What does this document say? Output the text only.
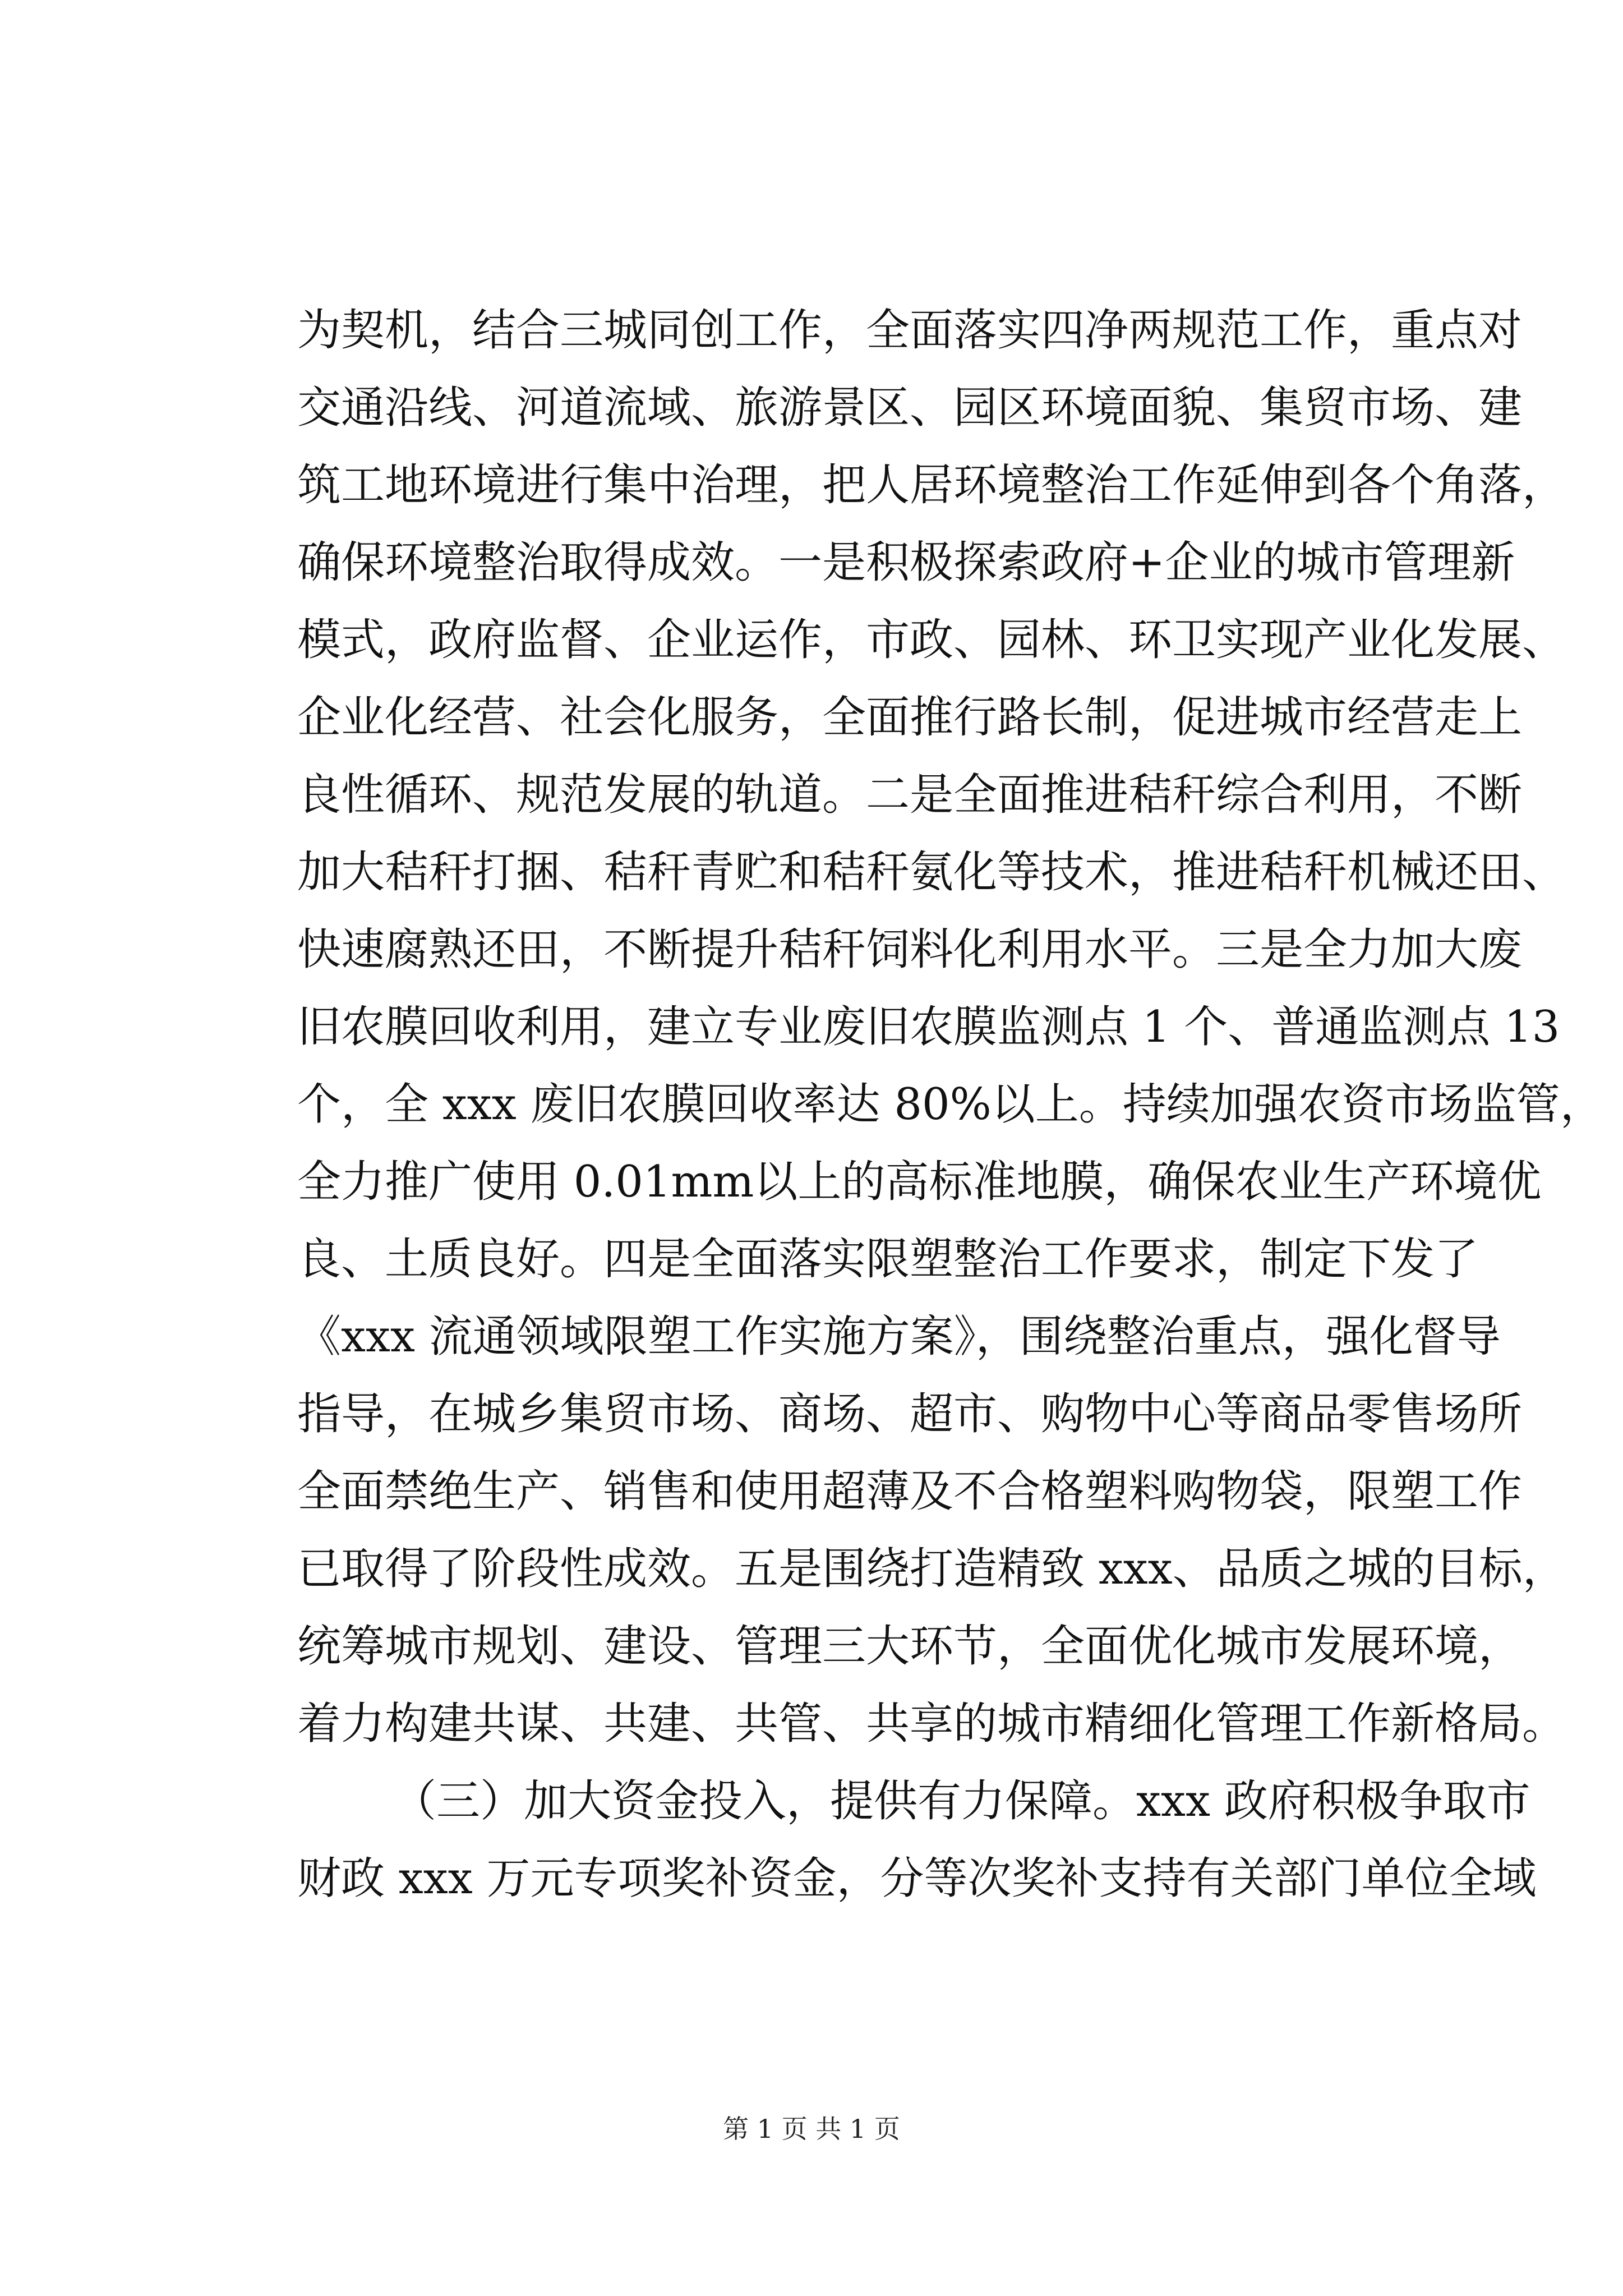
为契机，结合三城同创工作，全面落实四净两规范工作，重点对
交通沿线、河道流域、旅游景区、园区环境面貌、集贸市场、建
筑工地环境进行集中治理，把人居环境整治工作延伸到各个角落，
确保环境整治取得成效。一是积极探索政府+企业的城市管理新
模式，政府监督、企业运作，市政、园林、环卫实现产业化发展、
企业化经营、社会化服务，全面推行路长制，促进城市经营走上
良性循环、规范发展的轨道。二是全面推进秸秆综合利用，不断
加大秸秆打捆、秸秆青贮和秸秆氨化等技术，推进秸秆机械还田、
快速腐熟还田，不断提升秸秆饲料化利用水平。三是全力加大废
旧农膜回收利用，建立专业废旧农膜监测点 1 个、普通监测点 13
个，全 xxx 废旧农膜回收率达 80%以上。持续加强农资市场监管，
全力推广使用 0.01mm以上的高标准地膜，确保农业生产环境优
良、土质良好。四是全面落实限塑整治工作要求，制定下发了
《xxx 流通领域限塑工作实施方案》，围绕整治重点，强化督导
指导，在城乡集贸市场、商场、超市、购物中心等商品零售场所
全面禁绝生产、销售和使用超薄及不合格塑料购物袋，限塑工作
已取得了阶段性成效。五是围绕打造精致 xxx、品质之城的目标，
统筹城市规划、建设、管理三大环节，全面优化城市发展环境，
着力构建共谋、共建、共管、共享的城市精细化管理工作新格局。
（三）加大资金投入，提供有力保障。xxx 政府积极争取市
财政 xxx 万元专项奖补资金，分等次奖补支持有关部门单位全域
第 1 页 共 1 页
